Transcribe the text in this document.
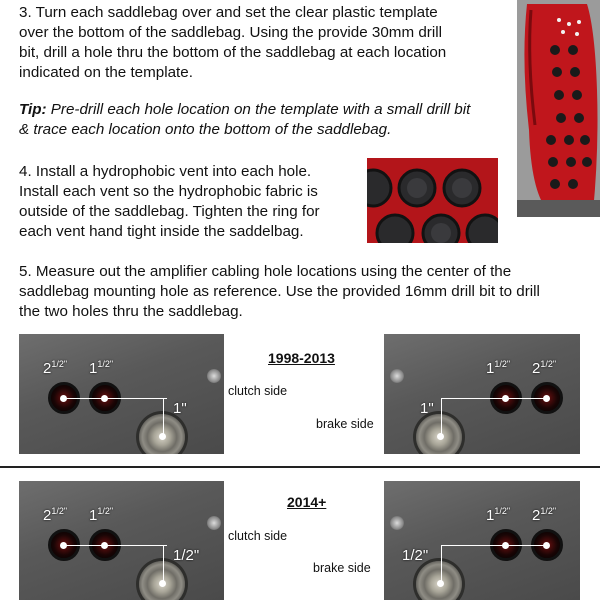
3. Turn each saddlebag over and set the clear plastic template
over the bottom of the saddlebag. Using the provide 30mm drill
bit, drill a hole thru the bottom of the saddlebag at each location
indicated on the template.
Tip: Pre-drill each hole location on the template with a small drill bit
& trace each location onto the bottom of the saddlebag.
4. Install a hydrophobic vent into each hole.
Install each vent so the hydrophobic fabric is
outside of the saddlebag. Tighten the ring for
each vent hand tight inside the saddelbag.
5. Measure out the amplifier cabling hole locations using the center of the
saddlebag mounting hole as reference. Use the provided 16mm drill bit to drill
the two holes thru the saddlebag.
1998-2013
clutch side
brake side
$2^{1/2"}$ $1^{1/2"}$
1"
$1^{1/2"}$ $2^{1/2"}$
1"
2014+
clutch side
brake side
$2^{1/2"}$ $1^{1/2"}$
1/2"
$1^{1/2"}$ $2^{1/2"}$
1/2"
